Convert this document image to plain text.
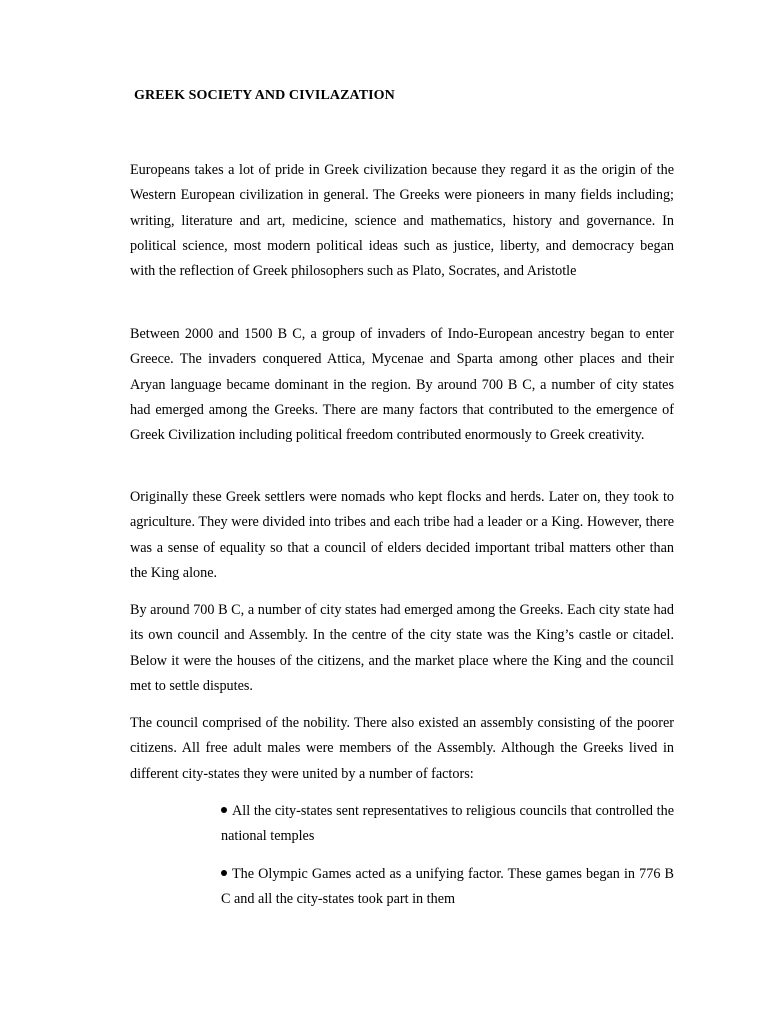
GREEK SOCIETY AND CIVILAZATION

Europeans takes a lot of pride in Greek civilization because they regard it as the origin of the Western European civilization in general. The Greeks were pioneers in many fields including; writing, literature and art, medicine, science and mathematics, history and governance. In political science, most modern political ideas such as justice, liberty, and democracy began with the reflection of Greek philosophers such as Plato, Socrates, and Aristotle

Between 2000 and 1500 B C, a group of invaders of Indo-European ancestry began to enter Greece. The invaders conquered Attica, Mycenae and Sparta among other places and their Aryan language became dominant in the region. By around 700 B C, a number of city states had emerged among the Greeks. There are many factors that contributed to the emergence of Greek Civilization including political freedom contributed enormously to Greek creativity.

Originally these Greek settlers were nomads who kept flocks and herds. Later on, they took to agriculture. They were divided into tribes and each tribe had a leader or a King. However, there was a sense of equality so that a council of elders decided important tribal matters other than the King alone.

By around 700 B C, a number of city states had emerged among the Greeks. Each city state had its own council and Assembly. In the centre of the city state was the King’s castle or citadel. Below it were the houses of the citizens, and the market place where the King and the council met to settle disputes.

The council comprised of the nobility. There also existed an assembly consisting of the poorer citizens. All free adult males were members of the Assembly. Although the Greeks lived in different city-states they were united by a number of factors:

All the city-states sent representatives to religious councils that controlled the national temples
The Olympic Games acted as a unifying factor. These games began in 776 B C and all the city-states took part in them
